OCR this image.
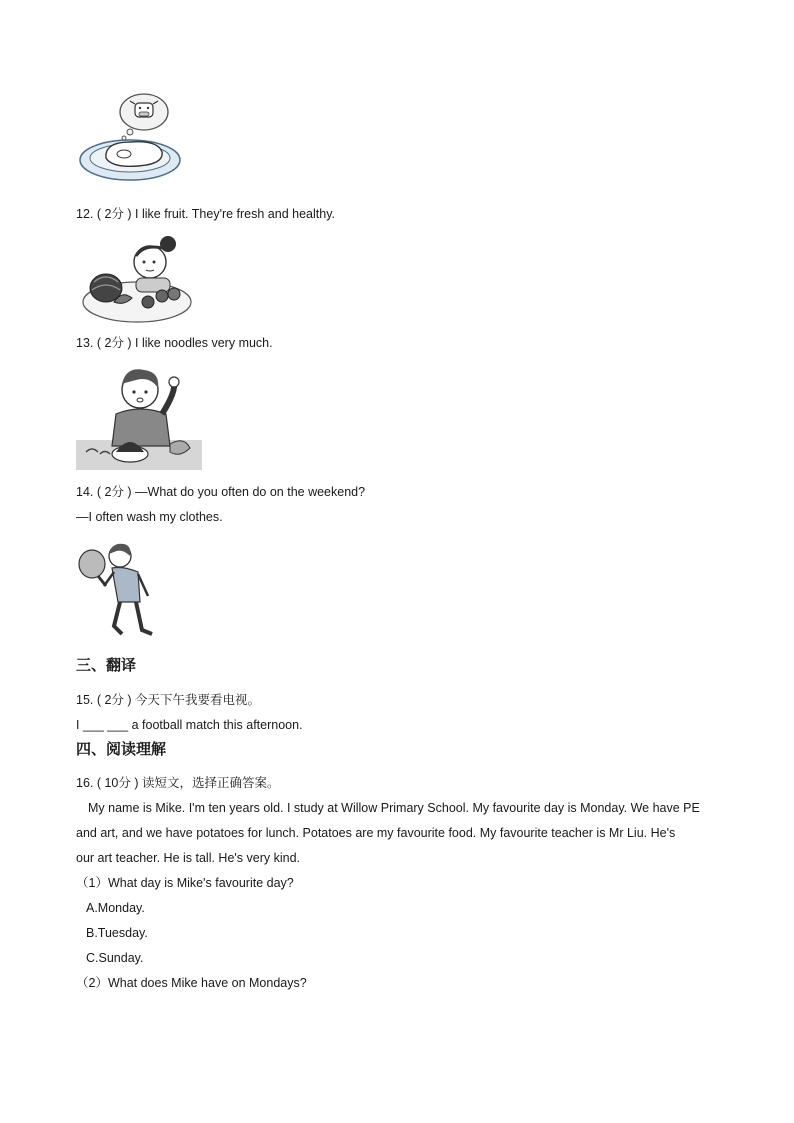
12. ( 2分 ) I like fruit. They're fresh and healthy.
13. ( 2分 ) I like noodles very much.
14. ( 2分 ) —What do you often do on the weekend?
—I often wash my clothes.
三、翻译
15. ( 2分 ) 今天下午我要看电视。
I ___ ___ a football match this afternoon.
四、阅读理解
16. ( 10分 ) 读短文，选择正确答案。
My name is Mike. I'm ten years old. I study at Willow Primary School. My favourite day is Monday. We have PE
and art, and we have potatoes for lunch. Potatoes are my favourite food. My favourite teacher is Mr Liu. He's
our art teacher. He is tall. He's very kind.
（1）What day is Mike's favourite day?
A.Monday.
B.Tuesday.
C.Sunday.
（2）What does Mike have on Mondays?
